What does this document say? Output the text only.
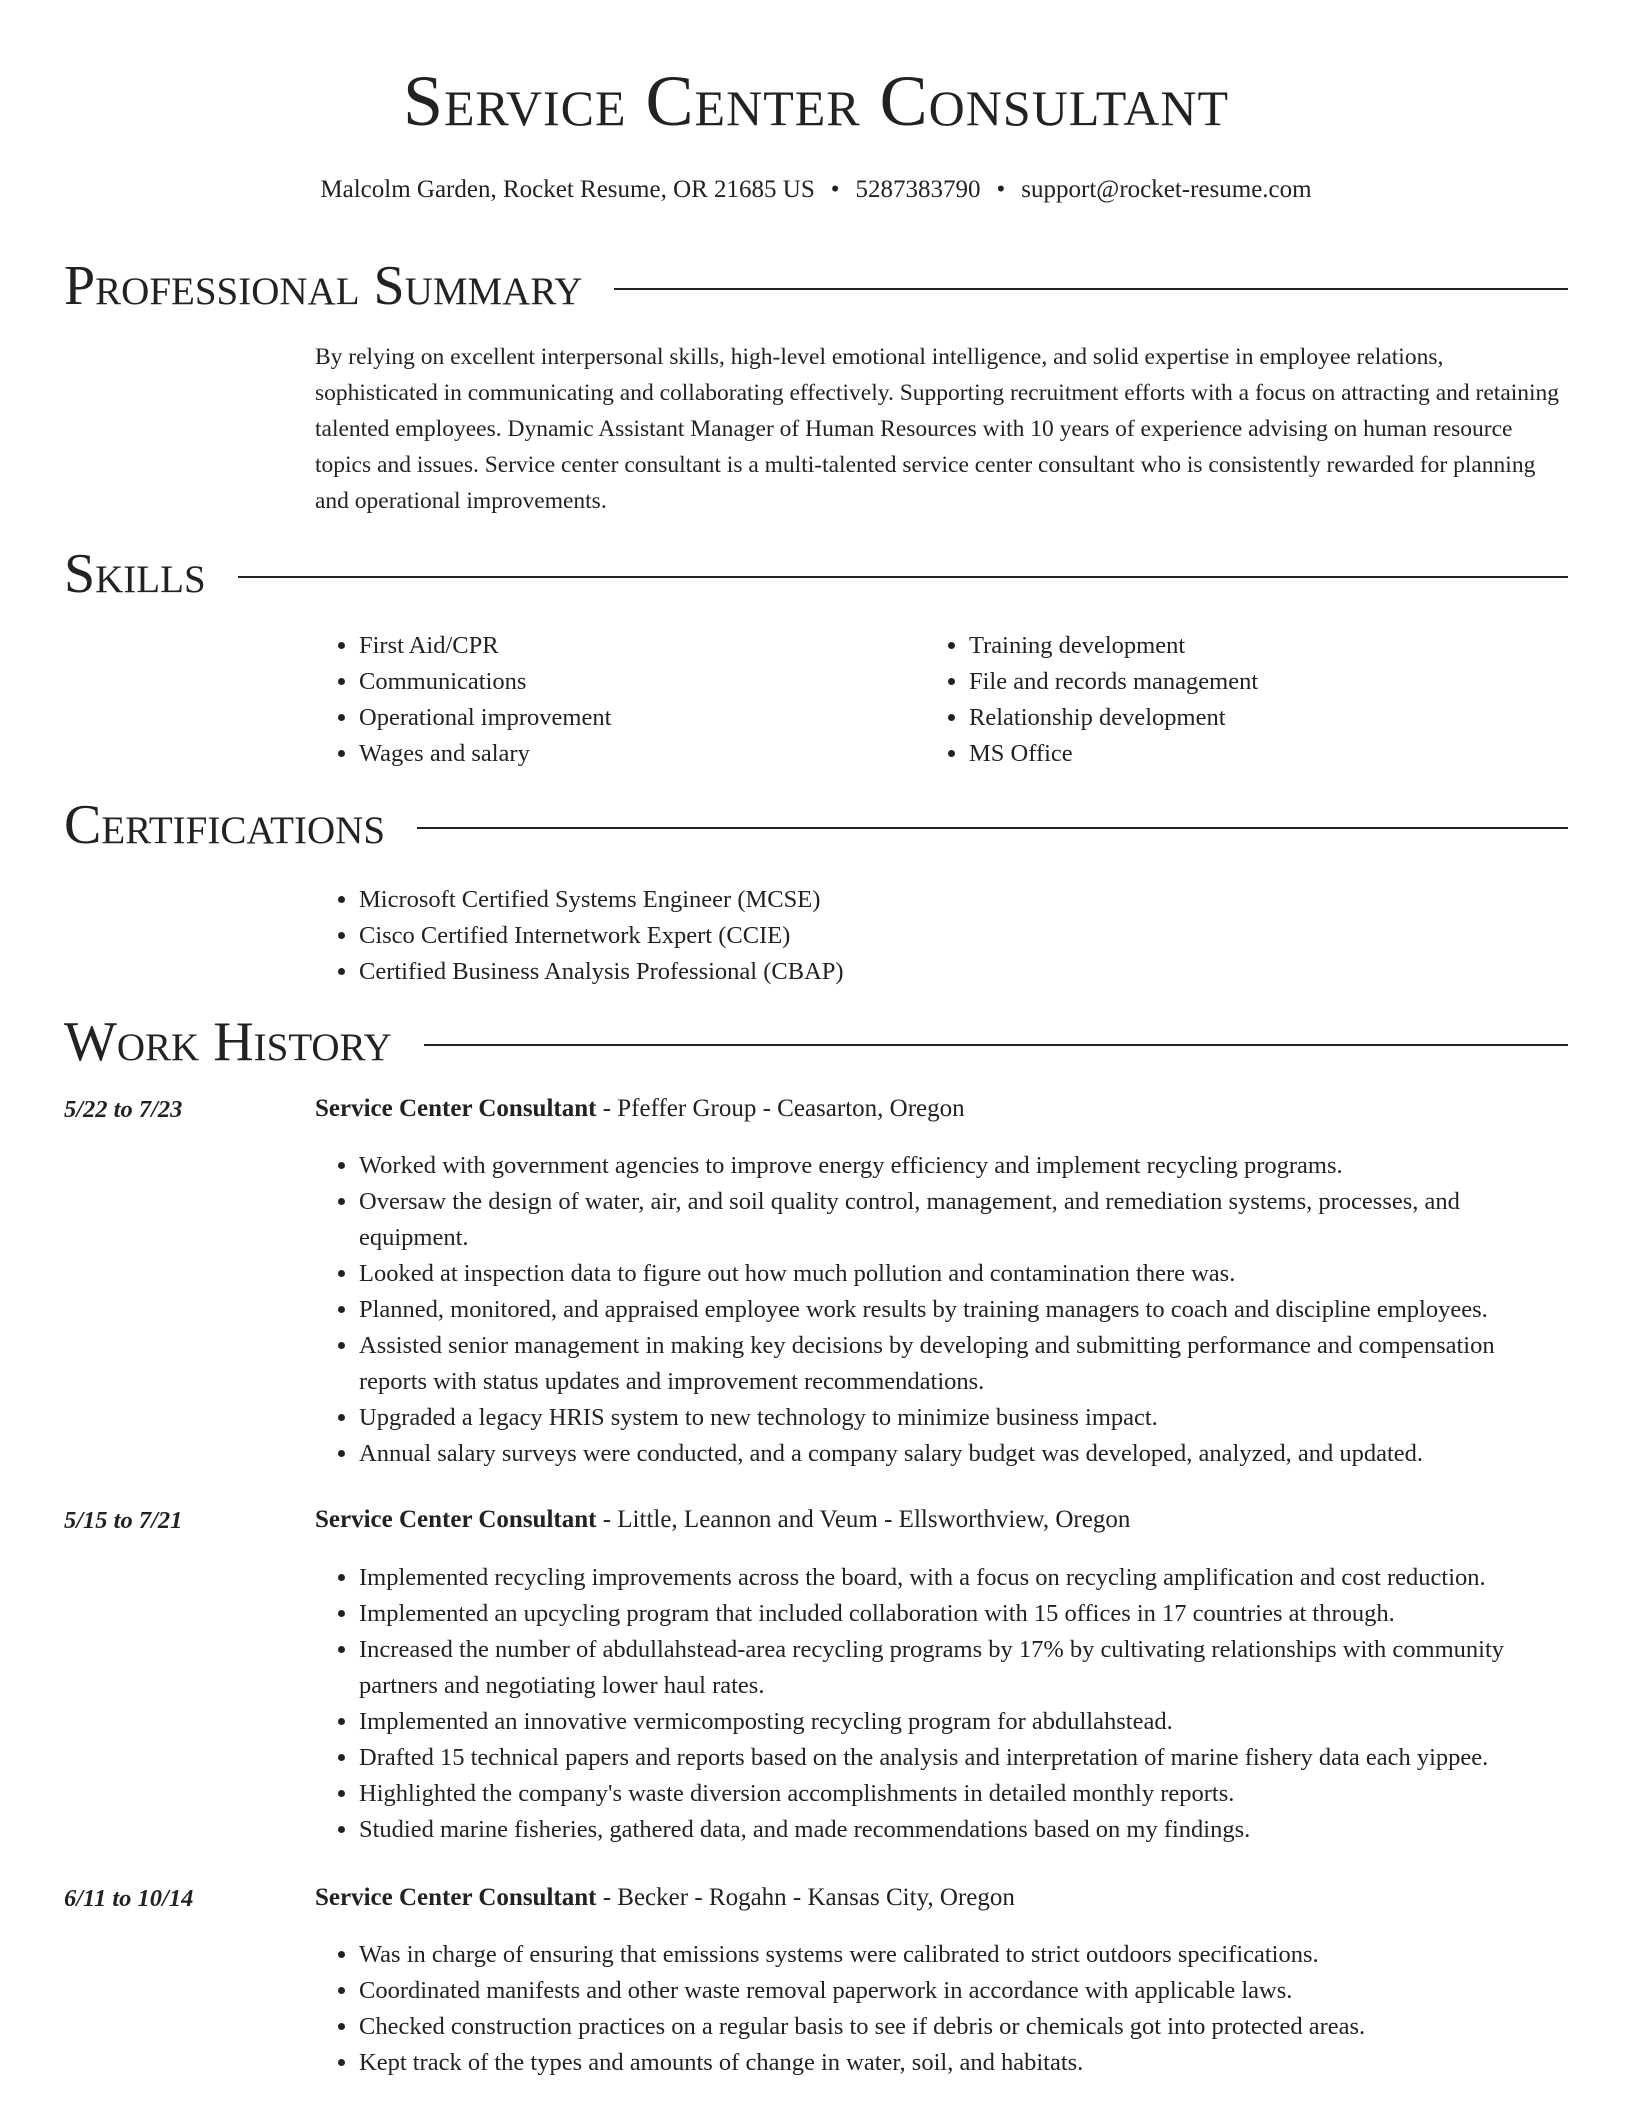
Service Center Consultant
Malcolm Garden, Rocket Resume, OR 21685 US • 5287383790 • support@rocket-resume.com
Professional Summary

By relying on excellent interpersonal skills, high-level emotional intelligence, and solid expertise in employee relations, sophisticated in communicating and collaborating effectively. Supporting recruitment efforts with a focus on attracting and retaining talented employees. Dynamic Assistant Manager of Human Resources with 10 years of experience advising on human resource topics and issues. Service center consultant is a multi-talented service center consultant who is consistently rewarded for planning and operational improvements.

Skills
• First Aid/CPR
• Communications
• Operational improvement
• Wages and salary
• Training development
• File and records management
• Relationship development
• MS Office
Certifications
• Microsoft Certified Systems Engineer (MCSE)
• Cisco Certified Internetwork Expert (CCIE)
• Certified Business Analysis Professional (CBAP)
Work History
5/22 to 7/23	Service Center Consultant - Pfeffer Group - Ceasarton, Oregon
• Worked with government agencies to improve energy efficiency and implement recycling programs.
• Oversaw the design of water, air, and soil quality control, management, and remediation systems, processes, and equipment.
• Looked at inspection data to figure out how much pollution and contamination there was.
• Planned, monitored, and appraised employee work results by training managers to coach and discipline employees.
• Assisted senior management in making key decisions by developing and submitting performance and compensation reports with status updates and improvement recommendations.
• Upgraded a legacy HRIS system to new technology to minimize business impact.
• Annual salary surveys were conducted, and a company salary budget was developed, analyzed, and updated.
5/15 to 7/21	Service Center Consultant - Little, Leannon and Veum - Ellsworthview, Oregon
• Implemented recycling improvements across the board, with a focus on recycling amplification and cost reduction.
• Implemented an upcycling program that included collaboration with 15 offices in 17 countries at through.
• Increased the number of abdullahstead-area recycling programs by 17% by cultivating relationships with community partners and negotiating lower haul rates.
• Implemented an innovative vermicomposting recycling program for abdullahstead.
• Drafted 15 technical papers and reports based on the analysis and interpretation of marine fishery data each yippee.
• Highlighted the company's waste diversion accomplishments in detailed monthly reports.
• Studied marine fisheries, gathered data, and made recommendations based on my findings.
6/11 to 10/14	Service Center Consultant - Becker - Rogahn - Kansas City, Oregon
• Was in charge of ensuring that emissions systems were calibrated to strict outdoors specifications.
• Coordinated manifests and other waste removal paperwork in accordance with applicable laws.
• Checked construction practices on a regular basis to see if debris or chemicals got into protected areas.
• Kept track of the types and amounts of change in water, soil, and habitats.
